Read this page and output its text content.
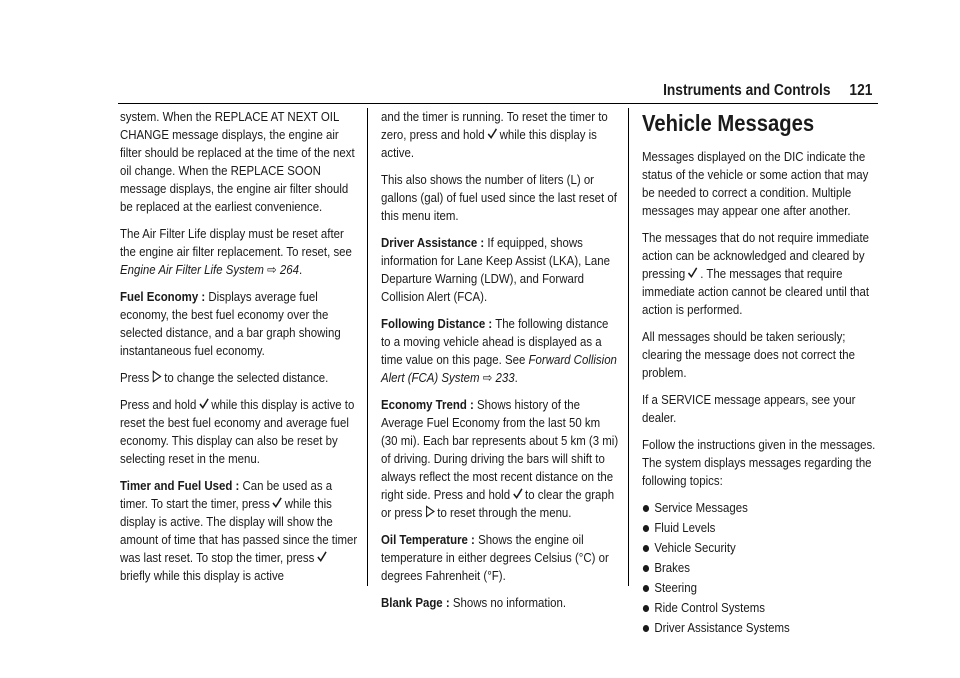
Instruments and Controls 121

system. When the REPLACE AT NEXT OIL CHANGE message displays, the engine air filter should be replaced at the time of the next oil change. When the REPLACE SOON message displays, the engine air filter should be replaced at the earliest convenience.

The Air Filter Life display must be reset after the engine air filter replacement. To reset, see Engine Air Filter Life System ⇨ 264.

Fuel Economy : Displays average fuel economy, the best fuel economy over the selected distance, and a bar graph showing instantaneous fuel economy.

Press to change the selected distance.

Press and hold while this display is active to reset the best fuel economy and average fuel economy. This display can also be reset by selecting reset in the menu.

Timer and Fuel Used : Can be used as a timer. To start the timer, press while this display is active. The display will show the amount of time that has passed since the timer was last reset. To stop the timer, pressbriefly while this display is active

and the timer is running. To reset the timer to zero, press and hold while this display is active.

This also shows the number of liters (L) or gallons (gal) of fuel used since the last reset of this menu item.

Driver Assistance : If equipped, shows information for Lane Keep Assist (LKA), Lane Departure Warning (LDW), and Forward Collision Alert (FCA).

Following Distance : The following distance to a moving vehicle ahead is displayed as a time value on this page. See Forward Collision Alert (FCA) System ⇨ 233.

Economy Trend : Shows history of the Average Fuel Economy from the last 50 km (30 mi). Each bar represents about 5 km (3 mi) of driving. During driving the bars will shift to always reflect the most recent distance on the right side. Press and hold to clear the graph or press to reset through the menu.

Oil Temperature : Shows the engine oil temperature in either degrees Celsius (°C) or degrees Fahrenheit (°F).

Blank Page : Shows no information.

Vehicle Messages

Messages displayed on the DIC indicate the status of the vehicle or some action that may be needed to correct a condition. Multiple messages may appear one after another.

The messages that do not require immediate action can be acknowledged and cleared by pressing . The messages that require immediate action cannot be cleared until that action is performed.

All messages should be taken seriously; clearing the message does not correct the problem.

If a SERVICE message appears, see your dealer.

Follow the instructions given in the messages. The system displays messages regarding the following topics:

Service Messages
Fluid Levels
Vehicle Security
Brakes
Steering
Ride Control Systems
Driver Assistance Systems
